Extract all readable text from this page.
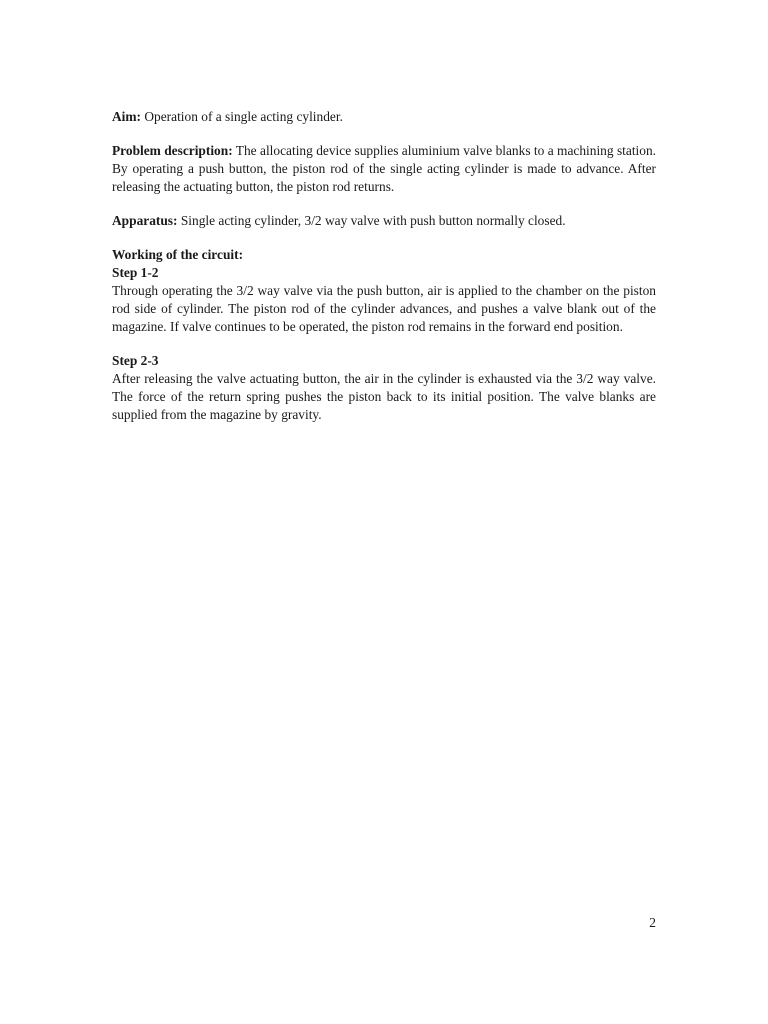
Aim: Operation of a single acting cylinder.

Problem description: The allocating device supplies aluminium valve blanks to a machining station. By operating a push button, the piston rod of the single acting cylinder is made to advance. After releasing the actuating button, the piston rod returns.

Apparatus: Single acting cylinder, 3/2 way valve with push button normally closed.

Working of the circuit:
Step 1-2

Through operating the 3/2 way valve via the push button, air is applied to the chamber on the piston rod side of cylinder. The piston rod of the cylinder advances, and pushes a valve blank out of the magazine. If valve continues to be operated, the piston rod remains in the forward end position.

Step 2-3

After releasing the valve actuating button, the air in the cylinder is exhausted via the 3/2 way valve. The force of the return spring pushes the piston back to its initial position. The valve blanks are supplied from the magazine by gravity.

2
